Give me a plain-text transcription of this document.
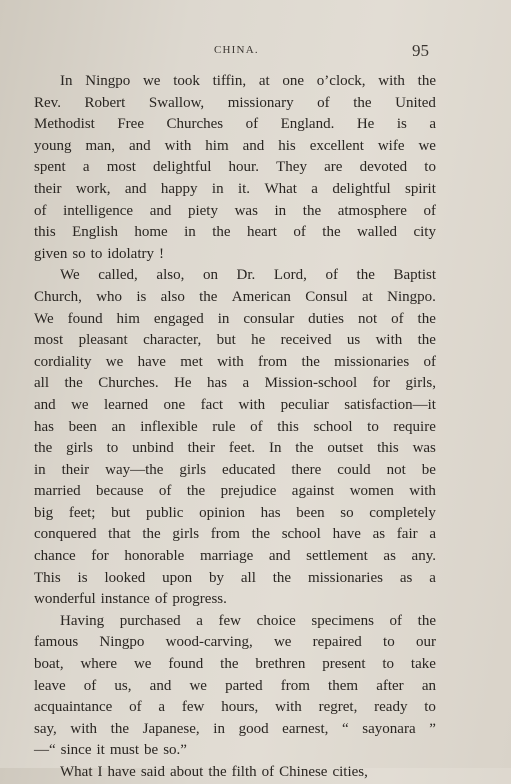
CHINA.	95
In Ningpo we took tiffin, at one o’clock, with the
Rev. Robert Swallow, missionary of the United
Methodist Free Churches of England. He is a
young man, and with him and his excellent wife we
spent a most delightful hour. They are devoted to
their work, and happy in it. What a delightful spirit
of intelligence and piety was in the atmosphere of
this English home in the heart of the walled city
given so to idolatry !
We called, also, on Dr. Lord, of the Baptist
Church, who is also the American Consul at Ningpo.
We found him engaged in consular duties not of the
most pleasant character, but he received us with the
cordiality we have met with from the missionaries of
all the Churches. He has a Mission-school for girls,
and we learned one fact with peculiar satisfaction—it
has been an inflexible rule of this school to require
the girls to unbind their feet. In the outset this was
in their way—the girls educated there could not be
married because of the prejudice against women with
big feet; but public opinion has been so completely
conquered that the girls from the school have as fair a
chance for honorable marriage and settlement as any.
This is looked upon by all the missionaries as a
wonderful instance of progress.
Having purchased a few choice specimens of the
famous Ningpo wood-carving, we repaired to our
boat, where we found the brethren present to take
leave of us, and we parted from them after an
acquaintance of a few hours, with regret, ready to
say, with the Japanese, in good earnest, “ sayonara ”
—“ since it must be so.”
What I have said about the filth of Chinese cities,
